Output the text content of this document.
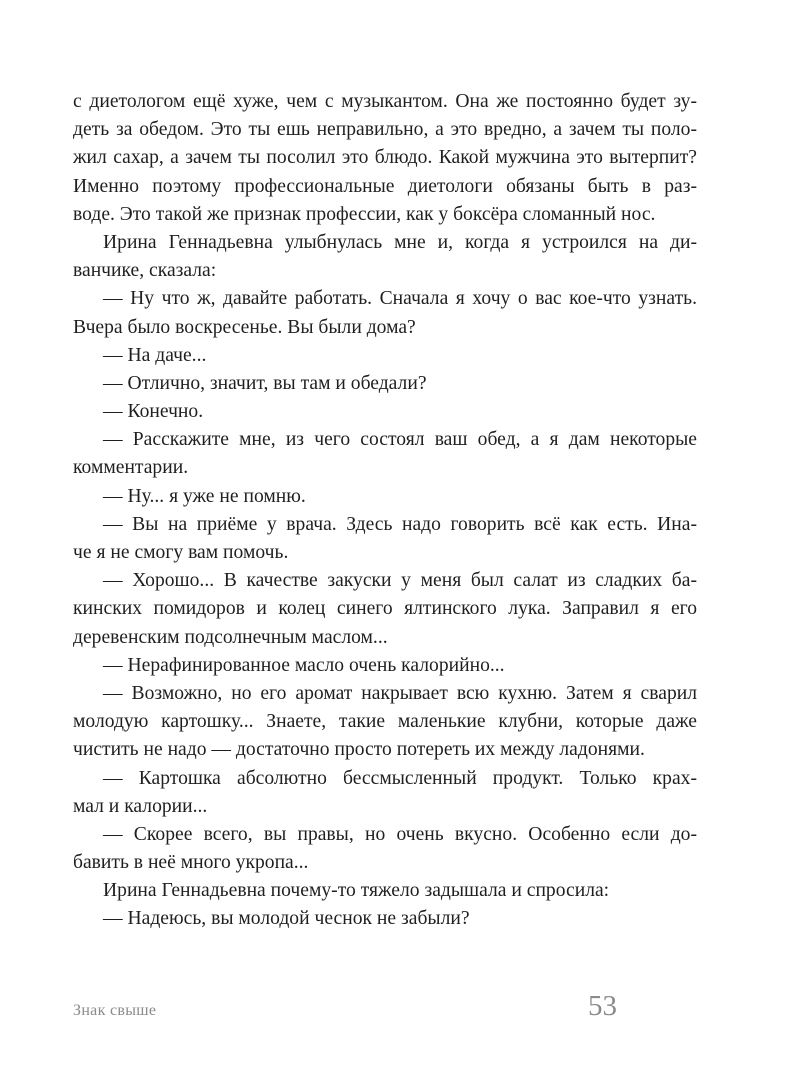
с диетологом ещё хуже, чем с музыкантом. Она же постоянно будет зу-
деть за обедом. Это ты ешь неправильно, а это вредно, а зачем ты поло-
жил сахар, а зачем ты посолил это блюдо. Какой мужчина это вытерпит?
Именно поэтому профессиональные диетологи обязаны быть в раз-
воде. Это такой же признак профессии, как у боксёра сломанный нос.
Ирина Геннадьевна улыбнулась мне и, когда я устроился на ди-
ванчике, сказала:
— Ну что ж, давайте работать. Сначала я хочу о вас кое-что узнать.
Вчера было воскресенье. Вы были дома?
— На даче...
— Отлично, значит, вы там и обедали?
— Конечно.
— Расскажите мне, из чего состоял ваш обед, а я дам некоторые
комментарии.
— Ну... я уже не помню.
— Вы на приёме у врача. Здесь надо говорить всё как есть. Ина-
че я не смогу вам помочь.
— Хорошо... В качестве закуски у меня был салат из сладких ба-
кинских помидоров и колец синего ялтинского лука. Заправил я его
деревенским подсолнечным маслом...
— Нерафинированное масло очень калорийно...
— Возможно, но его аромат накрывает всю кухню. Затем я сварил
молодую картошку... Знаете, такие маленькие клубни, которые даже
чистить не надо — достаточно просто потереть их между ладонями.
— Картошка абсолютно бессмысленный продукт. Только крах-
мал и калории...
— Скорее всего, вы правы, но очень вкусно. Особенно если до-
бавить в неё много укропа...
Ирина Геннадьевна почему-то тяжело задышала и спросила:
— Надеюсь, вы молодой чеснок не забыли?
Знак свыше	53
